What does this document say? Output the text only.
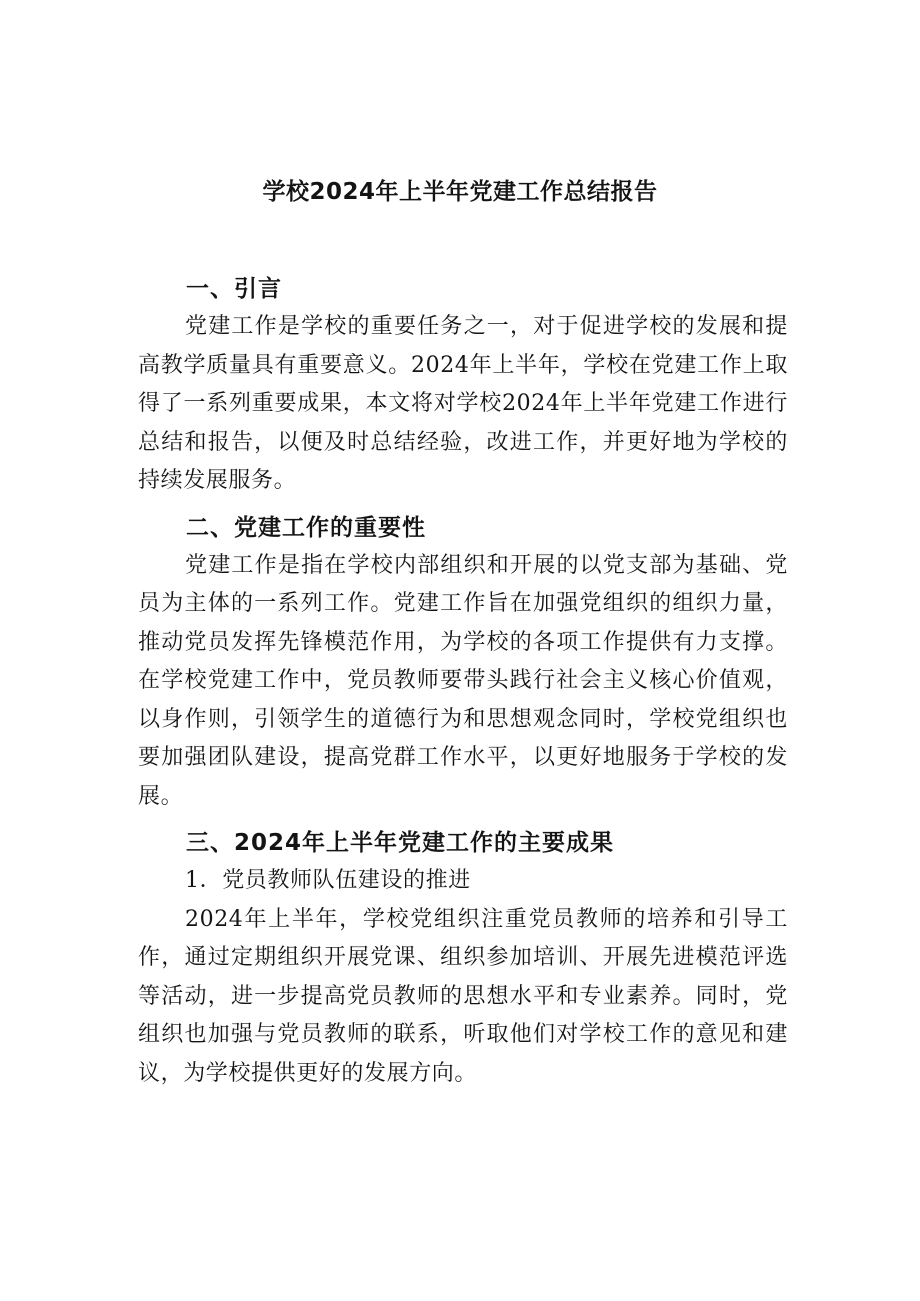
学校2024年上半年党建工作总结报告

一、引言

党建工作是学校的重要任务之一，对于促进学校的发展和提高教学质量具有重要意义。2024年上半年，学校在党建工作上取得了一系列重要成果，本文将对学校2024年上半年党建工作进行总结和报告，以便及时总结经验，改进工作，并更好地为学校的持续发展服务。

二、党建工作的重要性

党建工作是指在学校内部组织和开展的以党支部为基础、党员为主体的一系列工作。党建工作旨在加强党组织的组织力量，推动党员发挥先锋模范作用，为学校的各项工作提供有力支撑。在学校党建工作中，党员教师要带头践行社会主义核心价值观，以身作则，引领学生的道德行为和思想观念同时，学校党组织也要加强团队建设，提高党群工作水平，以更好地服务于学校的发展。

三、2024年上半年党建工作的主要成果

1．党员教师队伍建设的推进

2024年上半年，学校党组织注重党员教师的培养和引导工作，通过定期组织开展党课、组织参加培训、开展先进模范评选等活动，进一步提高党员教师的思想水平和专业素养。同时，党组织也加强与党员教师的联系，听取他们对学校工作的意见和建议，为学校提供更好的发展方向。
